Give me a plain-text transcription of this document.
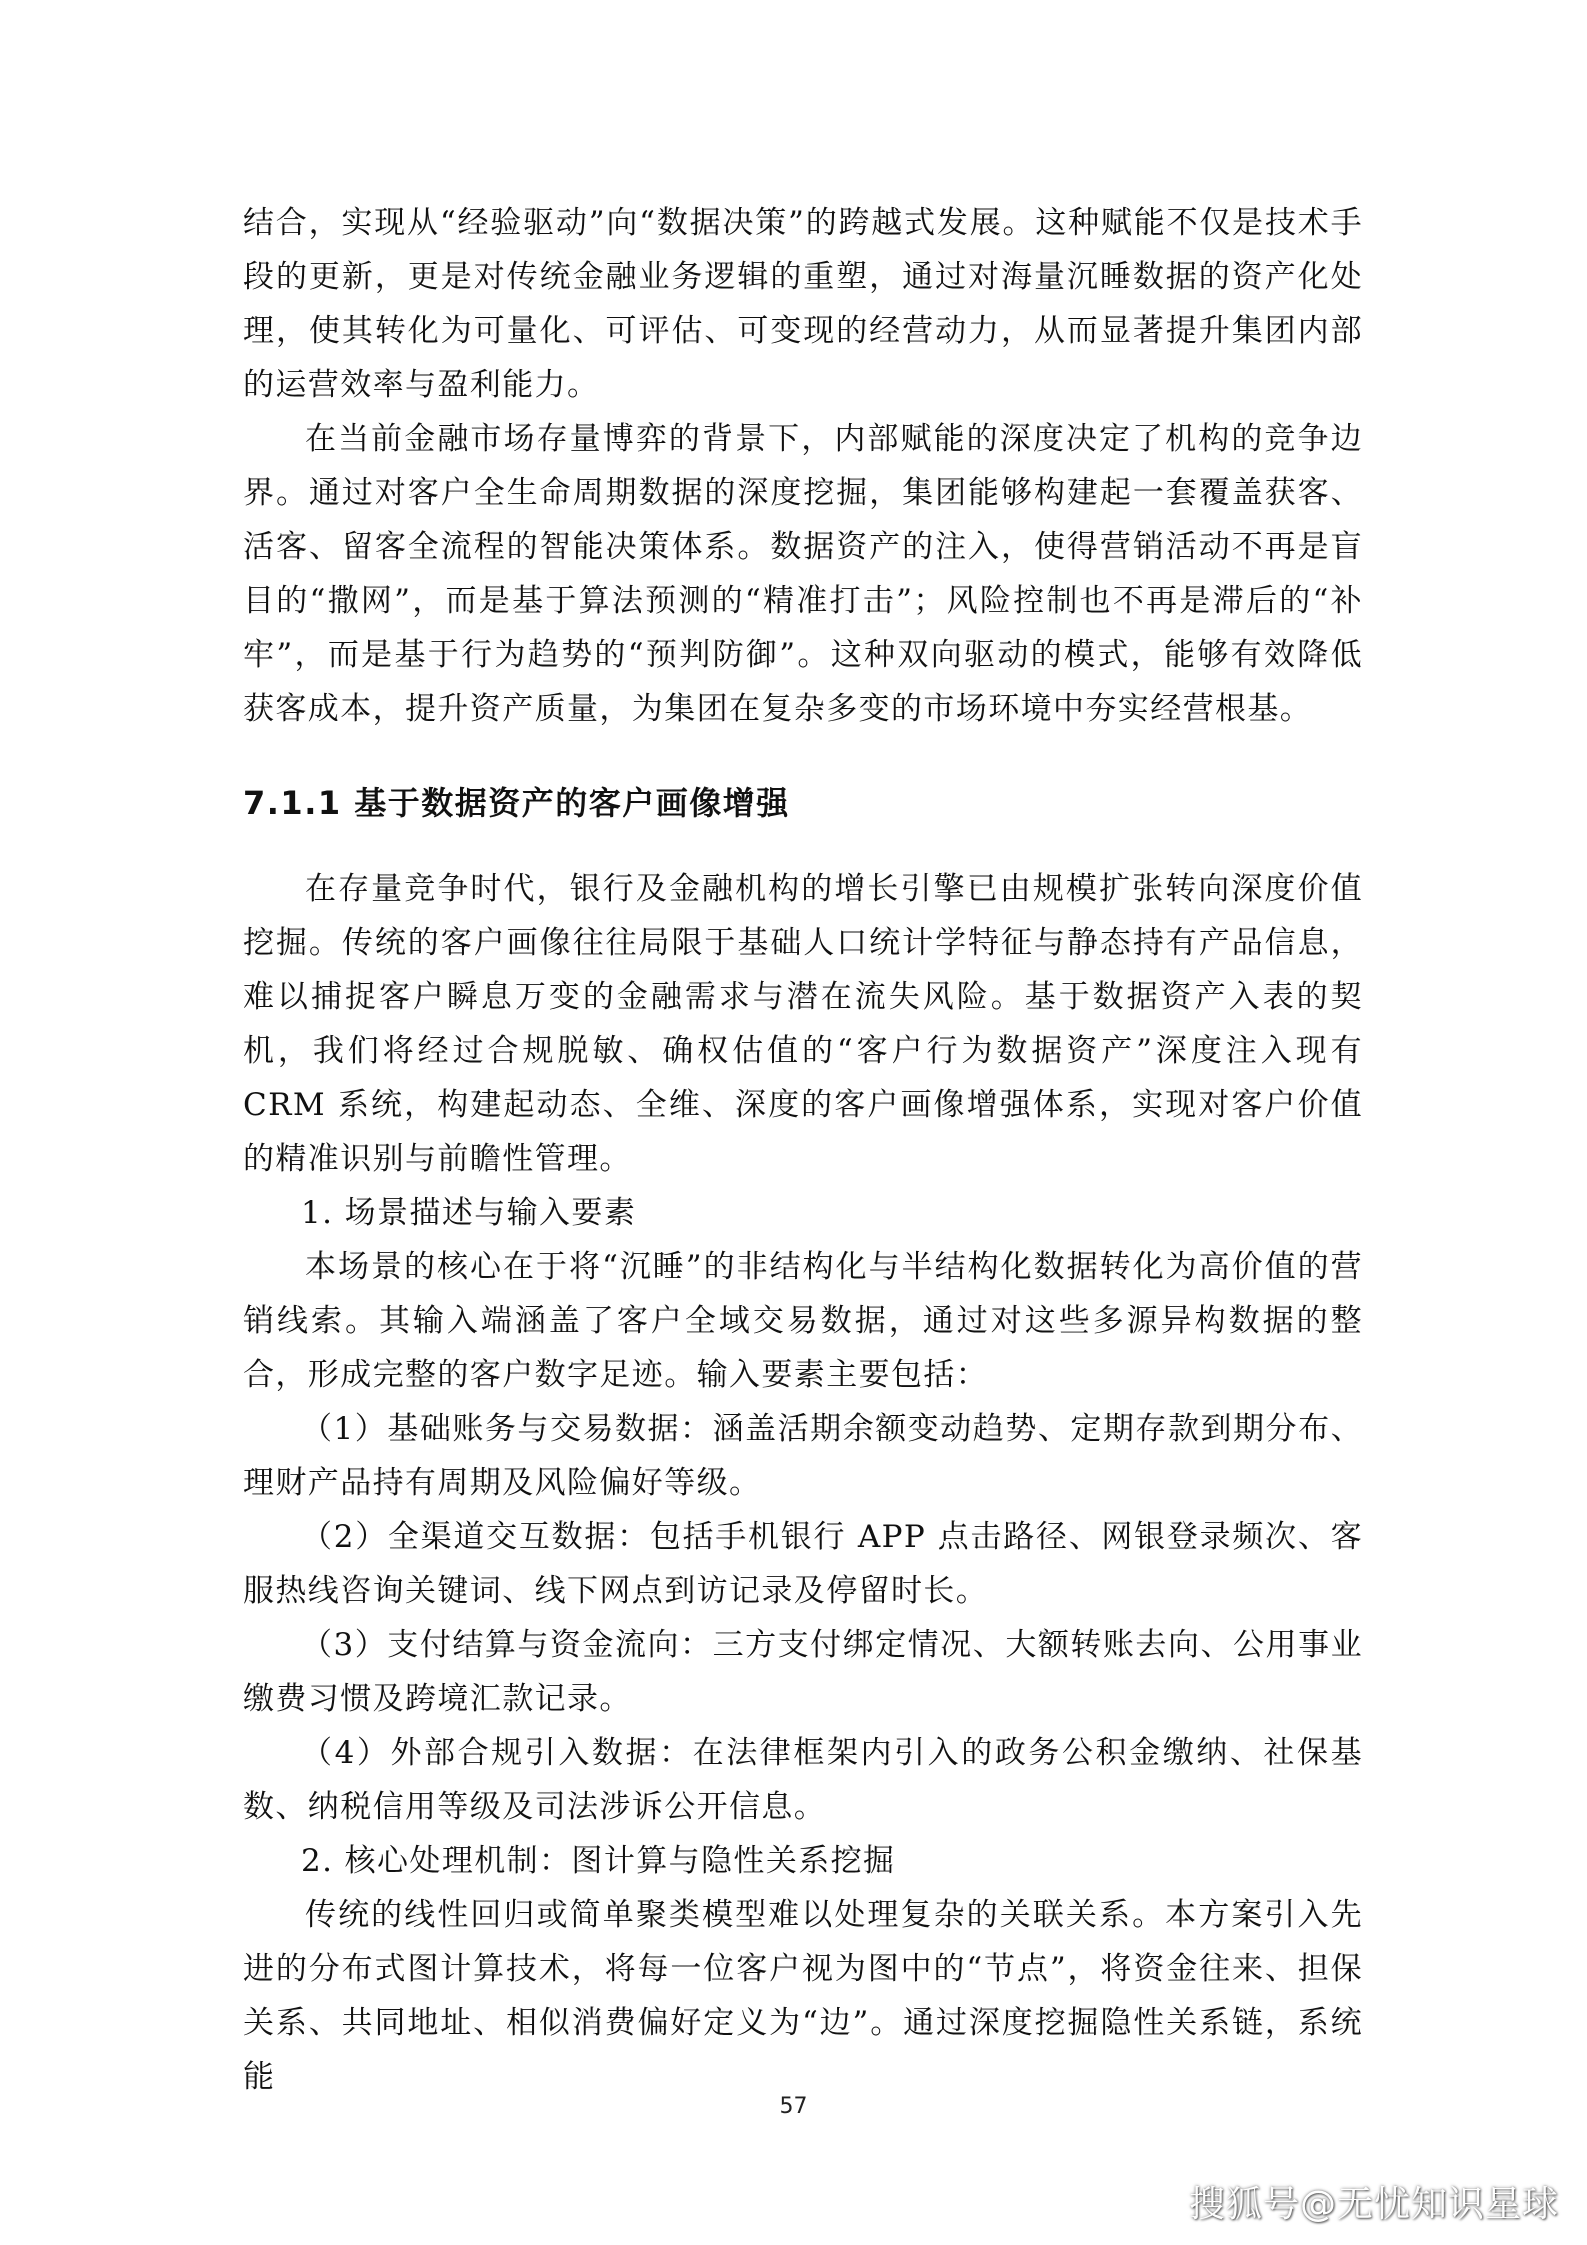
结合，实现从“经验驱动”向“数据决策”的跨越式发展。这种赋能不仅是技术手段的更新，更是对传统金融业务逻辑的重塑，通过对海量沉睡数据的资产化处理，使其转化为可量化、可评估、可变现的经营动力，从而显著提升集团内部的运营效率与盈利能力。

在当前金融市场存量博弈的背景下，内部赋能的深度决定了机构的竞争边界。通过对客户全生命周期数据的深度挖掘，集团能够构建起一套覆盖获客、活客、留客全流程的智能决策体系。数据资产的注入，使得营销活动不再是盲目的“撒网”，而是基于算法预测的“精准打击”；风险控制也不再是滞后的“补牢”，而是基于行为趋势的“预判防御”。这种双向驱动的模式，能够有效降低获客成本，提升资产质量，为集团在复杂多变的市场环境中夯实经营根基。

7.1.1 基于数据资产的客户画像增强

在存量竞争时代，银行及金融机构的增长引擎已由规模扩张转向深度价值挖掘。传统的客户画像往往局限于基础人口统计学特征与静态持有产品信息，难以捕捉客户瞬息万变的金融需求与潜在流失风险。基于数据资产入表的契机，我们将经过合规脱敏、确权估值的“客户行为数据资产”深度注入现有 CRM 系统，构建起动态、全维、深度的客户画像增强体系，实现对客户价值的精准识别与前瞻性管理。

1. 场景描述与输入要素

本场景的核心在于将“沉睡”的非结构化与半结构化数据转化为高价值的营销线索。其输入端涵盖了客户全域交易数据，通过对这些多源异构数据的整合，形成完整的客户数字足迹。输入要素主要包括：

（1）基础账务与交易数据：涵盖活期余额变动趋势、定期存款到期分布、理财产品持有周期及风险偏好等级。

（2）全渠道交互数据：包括手机银行 APP 点击路径、网银登录频次、客服热线咨询关键词、线下网点到访记录及停留时长。

（3）支付结算与资金流向：三方支付绑定情况、大额转账去向、公用事业缴费习惯及跨境汇款记录。

（4）外部合规引入数据：在法律框架内引入的政务公积金缴纳、社保基数、纳税信用等级及司法涉诉公开信息。

2. 核心处理机制：图计算与隐性关系挖掘

传统的线性回归或简单聚类模型难以处理复杂的关联关系。本方案引入先进的分布式图计算技术，将每一位客户视为图中的“节点”，将资金往来、担保关系、共同地址、相似消费偏好定义为“边”。通过深度挖掘隐性关系链，系统能

57
搜狐号@无忧知识星球
